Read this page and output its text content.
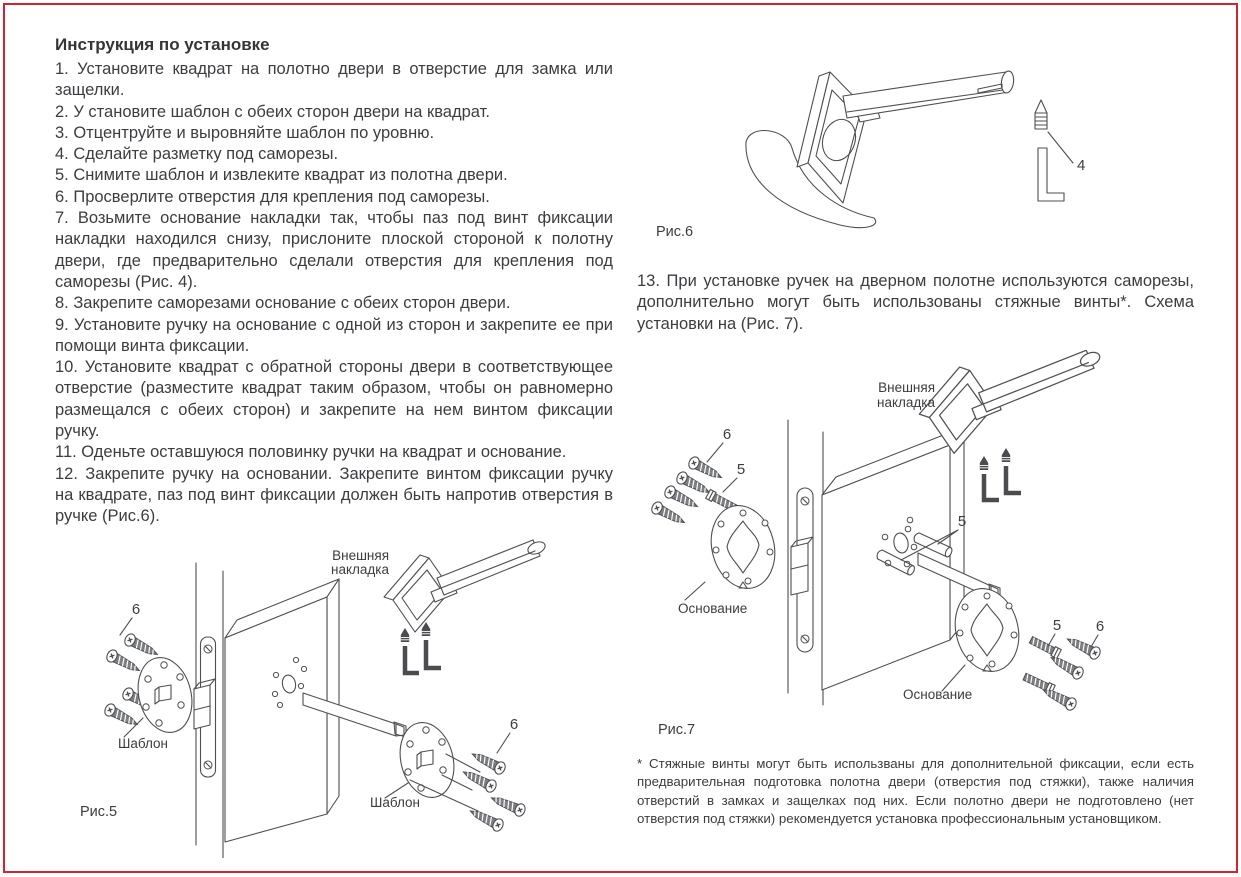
Инструкция по установке

1. Установите квадрат на полотно двери в отверстие для замка или защелки.

2. У становите шаблон с обеих сторон двери на квадрат.

3. Отцентруйте и выровняйте шаблон по уровню.

4. Сделайте разметку под саморезы.

5. Снимите шаблон и извлеките квадрат из полотна двери.

6. Просверлите отверстия для крепления под саморезы.

7. Возьмите основание накладки так, чтобы паз под винт фиксации накладки находился снизу, прислоните плоской стороной к полотну двери, где предварительно сделали отверстия для крепления под саморезы (Рис. 4).

8. Закрепите саморезами основание с обеих сторон двери.

9. Установите ручку на основание с одной из сторон и закрепите ее при помощи винта фиксации.

10. Установите квадрат с обратной стороны двери в соответствующее отверстие (разместите квадрат таким образом, чтобы он равномерно размещался с обеих сторон) и закрепите на нем винтом фиксации ручку.

11. Оденьте оставшуюся половинку ручки на квадрат и основание.

12. Закрепите ручку на основании. Закрепите винтом фиксации ручку на квадрате, паз под винт фиксации должен быть напротив отверстия в ручке (Рис.6).

13. При установке ручек на дверном полотне используются саморезы, дополнительно могут быть использованы стяжные винты*. Схема установки на (Рис. 7).

* Стяжные винты могут быть использваны для дополнительной фиксации, если есть предварительная подготовка полотна двери (отверстия под стяжки), также наличия отверстий в замках и защелках под них. Если полотно двери не подготовлено (нет отверстия под стяжки) рекомендуется установка профессиональным установщиком.

4
Рис.6
6
Шаблон
Внешняя
накладка
Шаблон
6
Рис.5
6
5
Основание
5
Внешняя
накладка
Основание
5 6
Рис.7
